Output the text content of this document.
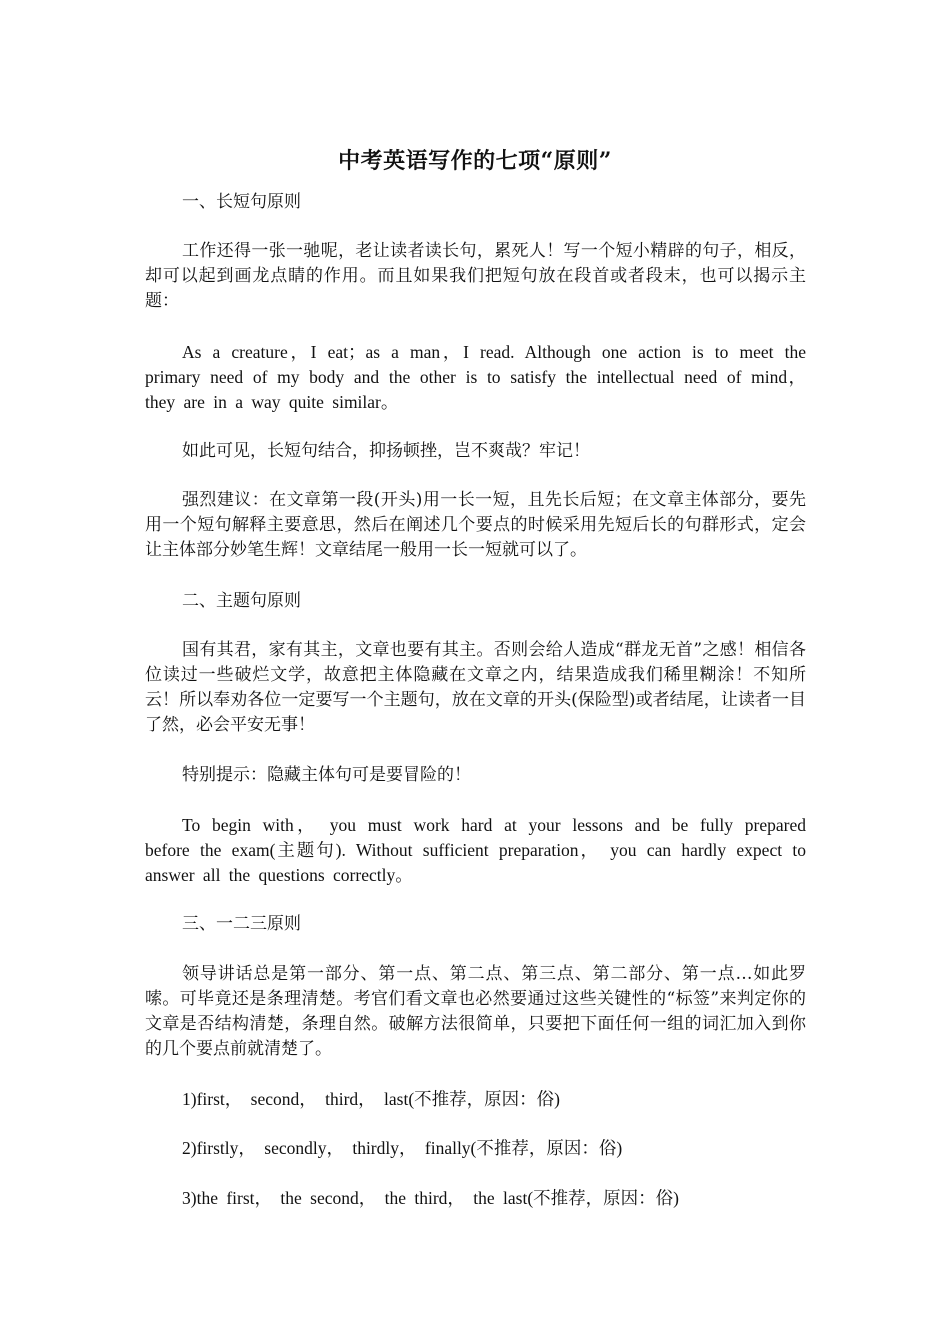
中考英语写作的七项“原则”

一、长短句原则

工作还得一张一驰呢，老让读者读长句，累死人！写一个短小精辟的句子，相反，却可以起到画龙点睛的作用。而且如果我们把短句放在段首或者段末，也可以揭示主题：

As a creature，I eat；as a man，I read. Although one action is to meet the primary need of my body and the other is to satisfy the intellectual need of mind， they are in a way quite similar。

如此可见，长短句结合，抑扬顿挫，岂不爽哉？牢记！

强烈建议：在文章第一段(开头)用一长一短，且先长后短；在文章主体部分，要先用一个短句解释主要意思，然后在阐述几个要点的时候采用先短后长的句群形式，定会让主体部分妙笔生辉！文章结尾一般用一长一短就可以了。

二、主题句原则

国有其君，家有其主，文章也要有其主。否则会给人造成“群龙无首”之感！相信各位读过一些破烂文学，故意把主体隐藏在文章之内，结果造成我们稀里糊涂！不知所云！所以奉劝各位一定要写一个主题句，放在文章的开头(保险型)或者结尾，让读者一目了然，必会平安无事！

特别提示：隐藏主体句可是要冒险的！

To begin with， you must work hard at your lessons and be fully prepared before the exam(主题句). Without sufficient preparation， you can hardly expect to answer all the questions correctly。

三、一二三原则

领导讲话总是第一部分、第一点、第二点、第三点、第二部分、第一点…如此罗嗦。可毕竟还是条理清楚。考官们看文章也必然要通过这些关键性的“标签”来判定你的文章是否结构清楚，条理自然。破解方法很简单，只要把下面任何一组的词汇加入到你的几个要点前就清楚了。

1)first， second， third， last(不推荐，原因：俗)

2)firstly， secondly， thirdly， finally(不推荐，原因：俗)

3)the first， the second， the third， the last(不推荐，原因：俗)
